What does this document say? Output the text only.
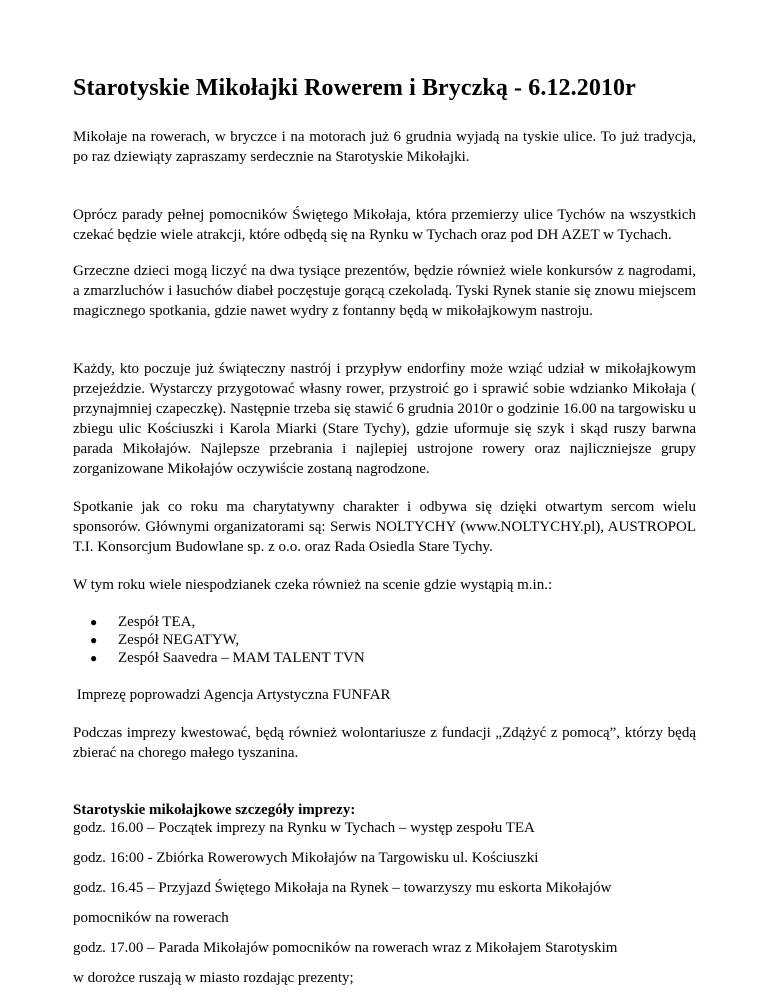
Starotyskie Mikołajki Rowerem i Bryczką - 6.12.2010r

Mikołaje na rowerach, w bryczce i na motorach już 6 grudnia wyjadą na tyskie ulice. To już tradycja, po raz dziewiąty zapraszamy serdecznie na Starotyskie Mikołajki.

Oprócz parady pełnej pomocników Świętego Mikołaja, która przemierzy ulice Tychów na wszystkich czekać będzie wiele atrakcji, które odbędą się na Rynku w Tychach oraz pod DH AZET w Tychach.

Grzeczne dzieci mogą liczyć na dwa tysiące prezentów, będzie również wiele konkursów z nagrodami, a zmarzluchów i łasuchów diabeł poczęstuje gorącą czekoladą. Tyski Rynek stanie się znowu miejscem magicznego spotkania, gdzie nawet wydry z fontanny będą w mikołajkowym nastroju.

Każdy, kto poczuje już świąteczny nastrój i przypływ endorfiny może wziąć udział w mikołajkowym przejeździe. Wystarczy przygotować własny rower, przystroić go i sprawić sobie wdzianko Mikołaja ( przynajmniej czapeczkę). Następnie trzeba się stawić 6 grudnia 2010r o godzinie 16.00 na targowisku u zbiegu ulic Kościuszki i Karola Miarki (Stare Tychy), gdzie uformuje się szyk i skąd ruszy barwna parada Mikołajów. Najlepsze przebrania i najlepiej ustrojone rowery oraz najliczniejsze grupy zorganizowane Mikołajów oczywiście zostaną nagrodzone.

Spotkanie jak co roku ma charytatywny charakter i odbywa się dzięki otwartym sercom wielu sponsorów. Głównymi organizatorami są: Serwis NOLTYCHY (www.NOLTYCHY.pl), AUSTROPOL T.I. Konsorcjum Budowlane sp. z o.o. oraz Rada Osiedla Stare Tychy.

W tym roku wiele niespodzianek czeka również na scenie gdzie wystąpią m.in.:

● Zespół TEA,
● Zespół NEGATYW,
● Zespół Saavedra – MAM TALENT TVN

Imprezę poprowadzi Agencja Artystyczna FUNFAR

Podczas imprezy kwestować, będą również wolontariusze z fundacji „Zdążyć z pomocą”, którzy będą zbierać na chorego małego tyszanina.

Starotyskie mikołajkowe szczegóły imprezy:
godz. 16.00 – Początek imprezy na Rynku w Tychach – występ zespołu TEA
godz. 16:00 - Zbiórka Rowerowych Mikołajów na Targowisku ul. Kościuszki
godz. 16.45 – Przyjazd Świętego Mikołaja na Rynek – towarzyszy mu eskorta Mikołajów
pomocników na rowerach
godz. 17.00 – Parada Mikołajów pomocników na rowerach wraz z Mikołajem Starotyskim
w dorożce ruszają w miasto rozdając prezenty;
